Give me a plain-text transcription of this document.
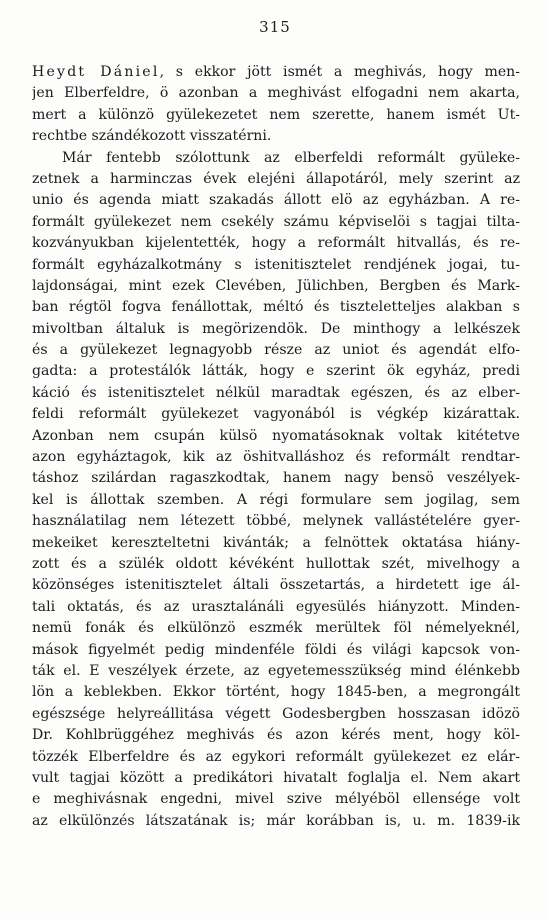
315
Heydt Dániel, s ekkor jött ismét a meghivás, hogy men-
jen Elberfeldre, ö azonban a meghivást elfogadni nem akarta,
mert a különzö gyülekezetet nem szerette, hanem ismét Ut-
rechtbe szándékozott visszatérni.
Már fentebb szólottunk az elberfeldi reformált gyüleke-
zetnek a harminczas évek elejéni állapotáról, mely szerint az
unio és agenda miatt szakadás állott elö az egyházban. A re-
formált gyülekezet nem csekély számu képviselöi s tagjai tilta-
kozványukban kijelentették, hogy a reformált hitvallás, és re-
formált egyházalkotmány s istenitisztelet rendjének jogai, tu-
lajdonságai, mint ezek Clevében, Jülichben, Bergben és Mark-
ban régtöl fogva fenállottak, méltó és tiszteletteljes alakban s
mivoltban általuk is megörizendök. De minthogy a lelkészek
és a gyülekezet legnagyobb része az uniot és agendát elfo-
gadta: a protestálók látták, hogy e szerint ök egyház, predi
káció és istenitisztelet nélkül maradtak egészen, és az elber-
feldi reformált gyülekezet vagyonából is végkép kizárattak.
Azonban nem csupán külsö nyomatásoknak voltak kitétetve
azon egyháztagok, kik az öshitvalláshoz és reformált rendtar-
táshoz szilárdan ragaszkodtak, hanem nagy bensö veszélyek-
kel is állottak szemben. A régi formulare sem jogilag, sem
használatilag nem létezett többé, melynek vallástételére gyer-
mekeiket kereszteltetni kivánták; a felnöttek oktatása hiány-
zott és a szülék oldott kévéként hullottak szét, mivelhogy a
közönséges istenitisztelet általi összetartás, a hirdetett ige ál-
tali oktatás, és az urasztalánáli egyesülés hiányzott. Minden-
nemü fonák és elkülönzö eszmék merültek föl némelyeknél,
mások figyelmét pedig mindenféle földi és világi kapcsok von-
ták el. E veszélyek érzete, az egyetemesszükség mind élénkebb
lön a keblekben. Ekkor történt, hogy 1845-ben, a megrongált
egészsége helyreállitása végett Godesbergben hosszasan idözö
Dr. Kohlbrüggéhez meghivás és azon kérés ment, hogy köl-
tözzék Elberfeldre és az egykori reformált gyülekezet ez elár-
vult tagjai között a predikátori hivatalt foglalja el. Nem akart
e meghivásnak engedni, mivel szive mélyéböl ellensége volt
az elkülönzés látszatának is; már korábban is, u. m. 1839-ik
